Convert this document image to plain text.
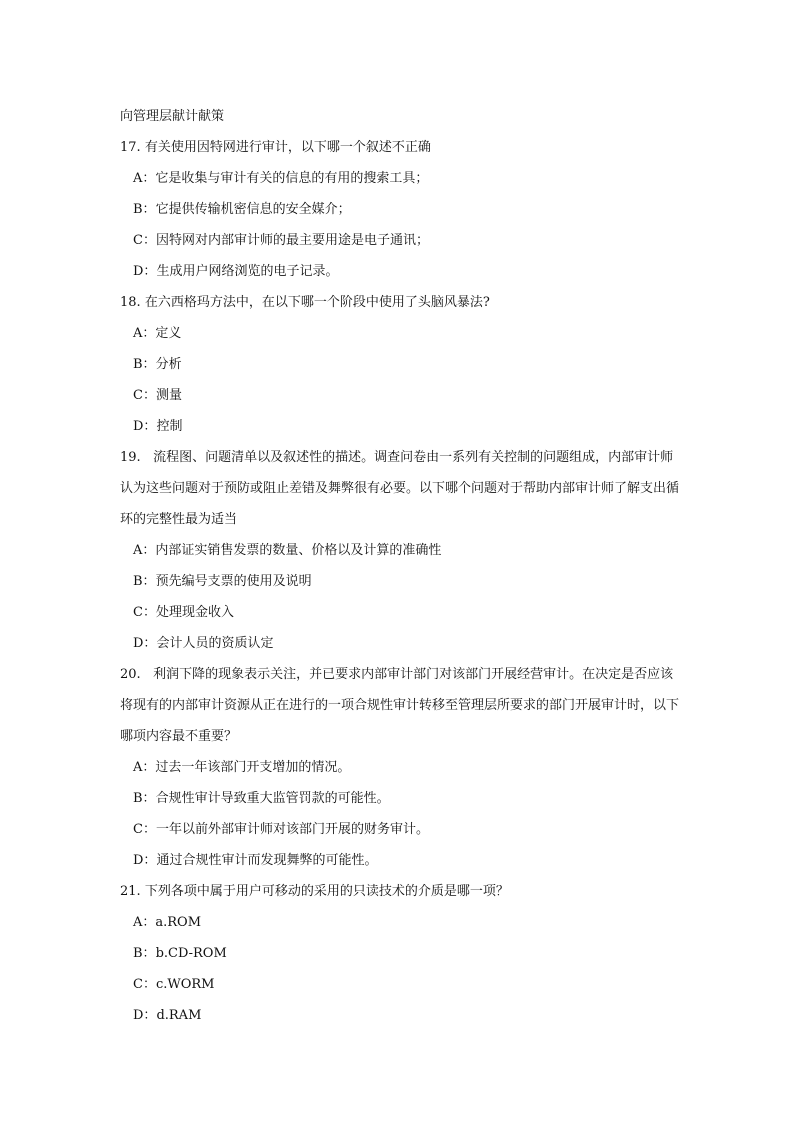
向管理层献计献策
17. 有关使用因特网进行审计，以下哪一个叙述不正确
A：它是收集与审计有关的信息的有用的搜索工具；
B：它提供传输机密信息的安全媒介；
C：因特网对内部审计师的最主要用途是电子通讯；
D：生成用户网络浏览的电子记录。
18. 在六西格玛方法中，在以下哪一个阶段中使用了头脑风暴法?
A：定义
B：分析
C：测量
D：控制
19. 流程图、问题清单以及叙述性的描述。调查问卷由一系列有关控制的问题组成，内部审计师认为这些问题对于预防或阻止差错及舞弊很有必要。以下哪个问题对于帮助内部审计师了解支出循环的完整性最为适当
A：内部证实销售发票的数量、价格以及计算的准确性
B：预先编号支票的使用及说明
C：处理现金收入
D：会计人员的资质认定
20. 利润下降的现象表示关注，并已要求内部审计部门对该部门开展经营审计。在决定是否应该将现有的内部审计资源从正在进行的一项合规性审计转移至管理层所要求的部门开展审计时，以下哪项内容最不重要？
A：过去一年该部门开支增加的情况。
B：合规性审计导致重大监管罚款的可能性。
C：一年以前外部审计师对该部门开展的财务审计。
D：通过合规性审计而发现舞弊的可能性。
21. 下列各项中属于用户可移动的采用的只读技术的介质是哪一项？
A：a.ROM
B：b.CD-ROM
C：c.WORM
D：d.RAM
